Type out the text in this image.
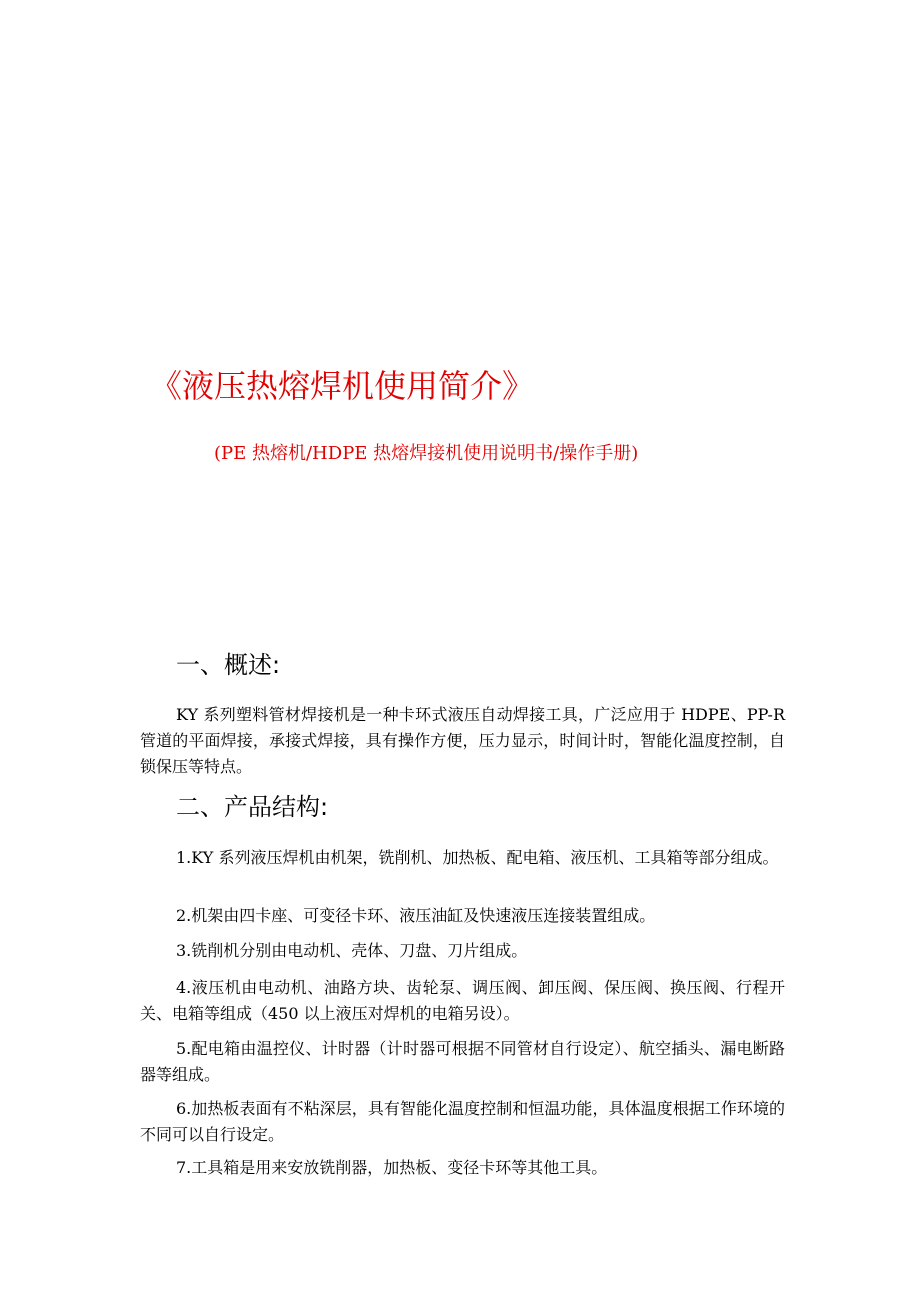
《液压热熔焊机使用简介》

(PE 热熔机/HDPE 热熔焊接机使用说明书/操作手册)

一、概述:

KY 系列塑料管材焊接机是一种卡环式液压自动焊接工具，广泛应用于 HDPE、PP-R 管道的平面焊接，承接式焊接，具有操作方便，压力显示，时间计时，智能化温度控制，自锁保压等特点。

二、产品结构:

1.KY 系列液压焊机由机架，铣削机、加热板、配电箱、液压机、工具箱等部分组成。

2.机架由四卡座、可变径卡环、液压油缸及快速液压连接装置组成。

3.铣削机分别由电动机、壳体、刀盘、刀片组成。

4.液压机由电动机、油路方块、齿轮泵、调压阀、卸压阀、保压阀、换压阀、行程开关、电箱等组成（450 以上液压对焊机的电箱另设）。

5.配电箱由温控仪、计时器（计时器可根据不同管材自行设定）、航空插头、漏电断路器等组成。

6.加热板表面有不粘深层，具有智能化温度控制和恒温功能，具体温度根据工作环境的不同可以自行设定。

7.工具箱是用来安放铣削器，加热板、变径卡环等其他工具。
